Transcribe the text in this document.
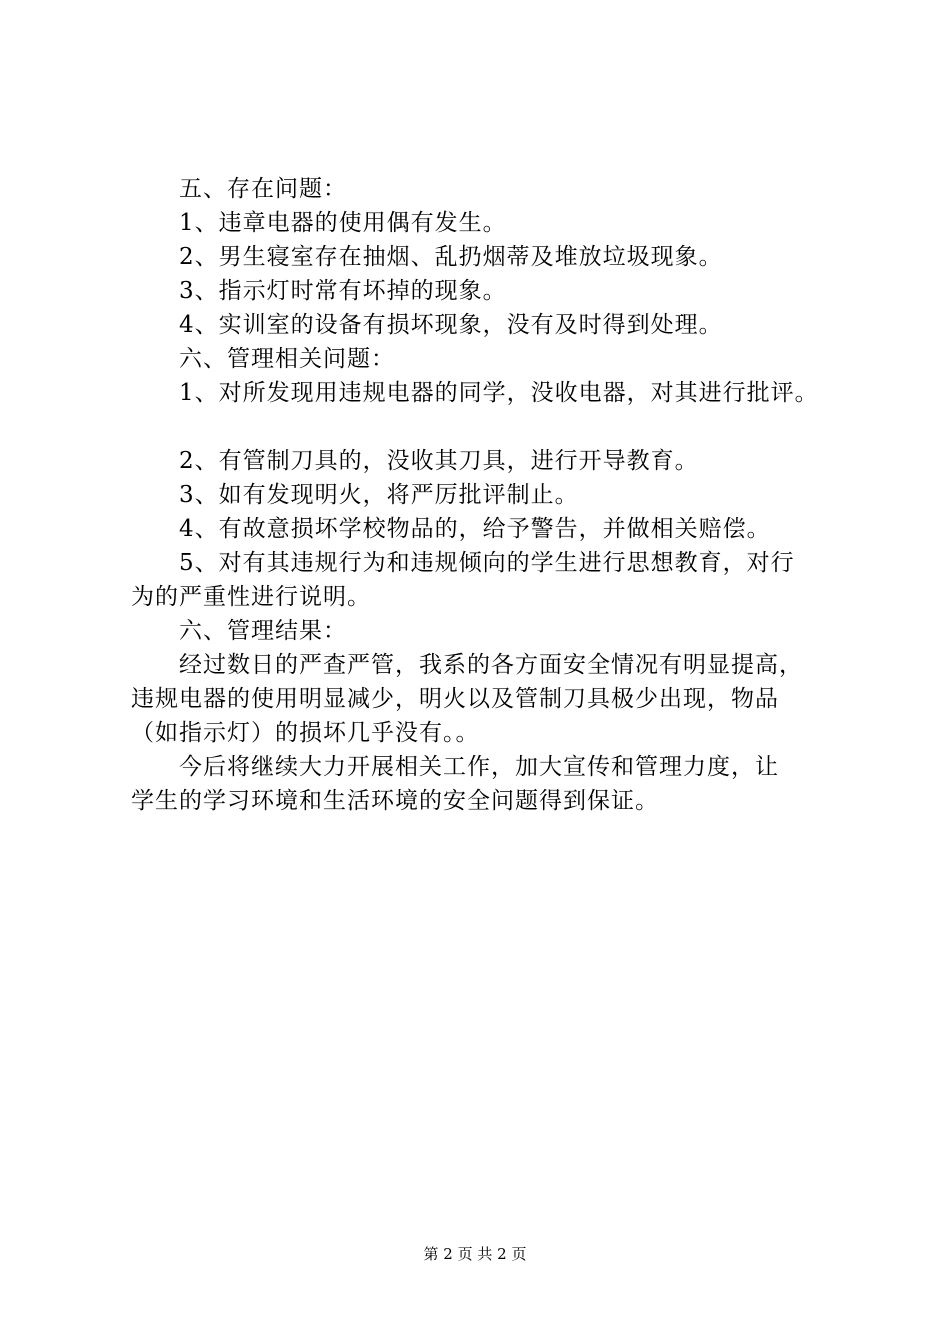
五、存在问题：
1、违章电器的使用偶有发生。
2、男生寝室存在抽烟、乱扔烟蒂及堆放垃圾现象。
3、指示灯时常有坏掉的现象。
4、实训室的设备有损坏现象，没有及时得到处理。
六、管理相关问题：
1、对所发现用违规电器的同学，没收电器，对其进行批评。
2、有管制刀具的，没收其刀具，进行开导教育。
3、如有发现明火，将严厉批评制止。
4、有故意损坏学校物品的，给予警告，并做相关赔偿。
5、对有其违规行为和违规倾向的学生进行思想教育，对行
为的严重性进行说明。
六、管理结果：
经过数日的严查严管，我系的各方面安全情况有明显提高，
违规电器的使用明显减少，明火以及管制刀具极少出现，物品
（如指示灯）的损坏几乎没有。。
今后将继续大力开展相关工作，加大宣传和管理力度，让
学生的学习环境和生活环境的安全问题得到保证。
第 2 页 共 2 页
